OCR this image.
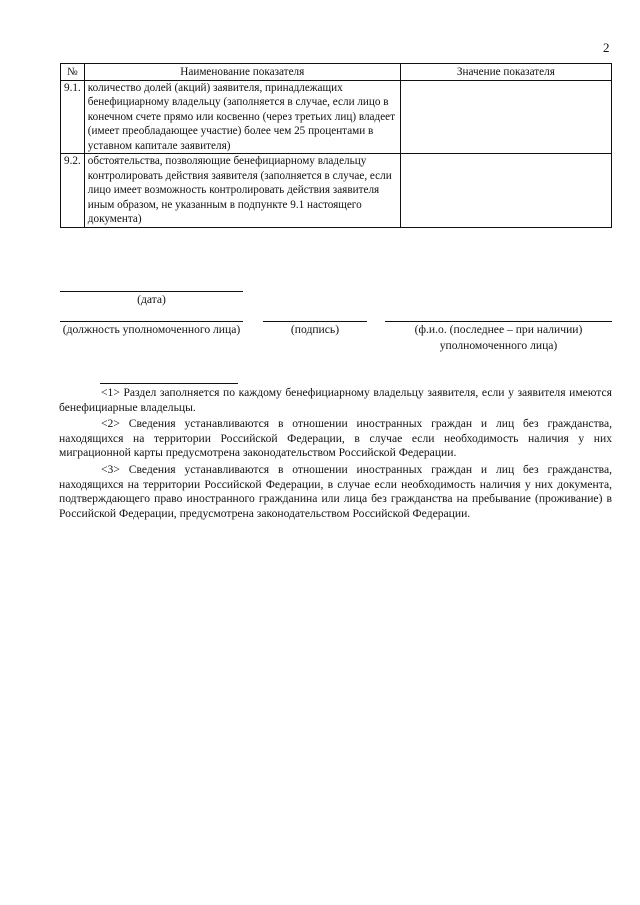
2
№	Наименование показателя	Значение показателя
9.1.	количество долей (акций) заявителя, принадлежащих бенефициарному владельцу (заполняется в случае, если лицо в конечном счете прямо или косвенно (через третьих лиц) владеет (имеет преобладающее участие) более чем 25 процентами в уставном капитале заявителя)	
9.2.	обстоятельства, позволяющие бенефициарному владельцу контролировать действия заявителя (заполняется в случае, если лицо имеет возможность контролировать действия заявителя иным образом, не указанным в подпункте 9.1 настоящего документа)	
(дата)
(должность уполномоченного лица)	(подпись)	(ф.и.о. (последнее – при наличии) уполномоченного лица)

<1> Раздел заполняется по каждому бенефициарному владельцу заявителя, если у заявителя имеются бенефициарные владельцы.

<2> Сведения устанавливаются в отношении иностранных граждан и лиц без гражданства, находящихся на территории Российской Федерации, в случае если необходимость наличия у них миграционной карты предусмотрена законодательством Российской Федерации.

<3> Сведения устанавливаются в отношении иностранных граждан и лиц без гражданства, находящихся на территории Российской Федерации, в случае если необходимость наличия у них документа, подтверждающего право иностранного гражданина или лица без гражданства на пребывание (проживание) в Российской Федерации, предусмотрена законодательством Российской Федерации.
